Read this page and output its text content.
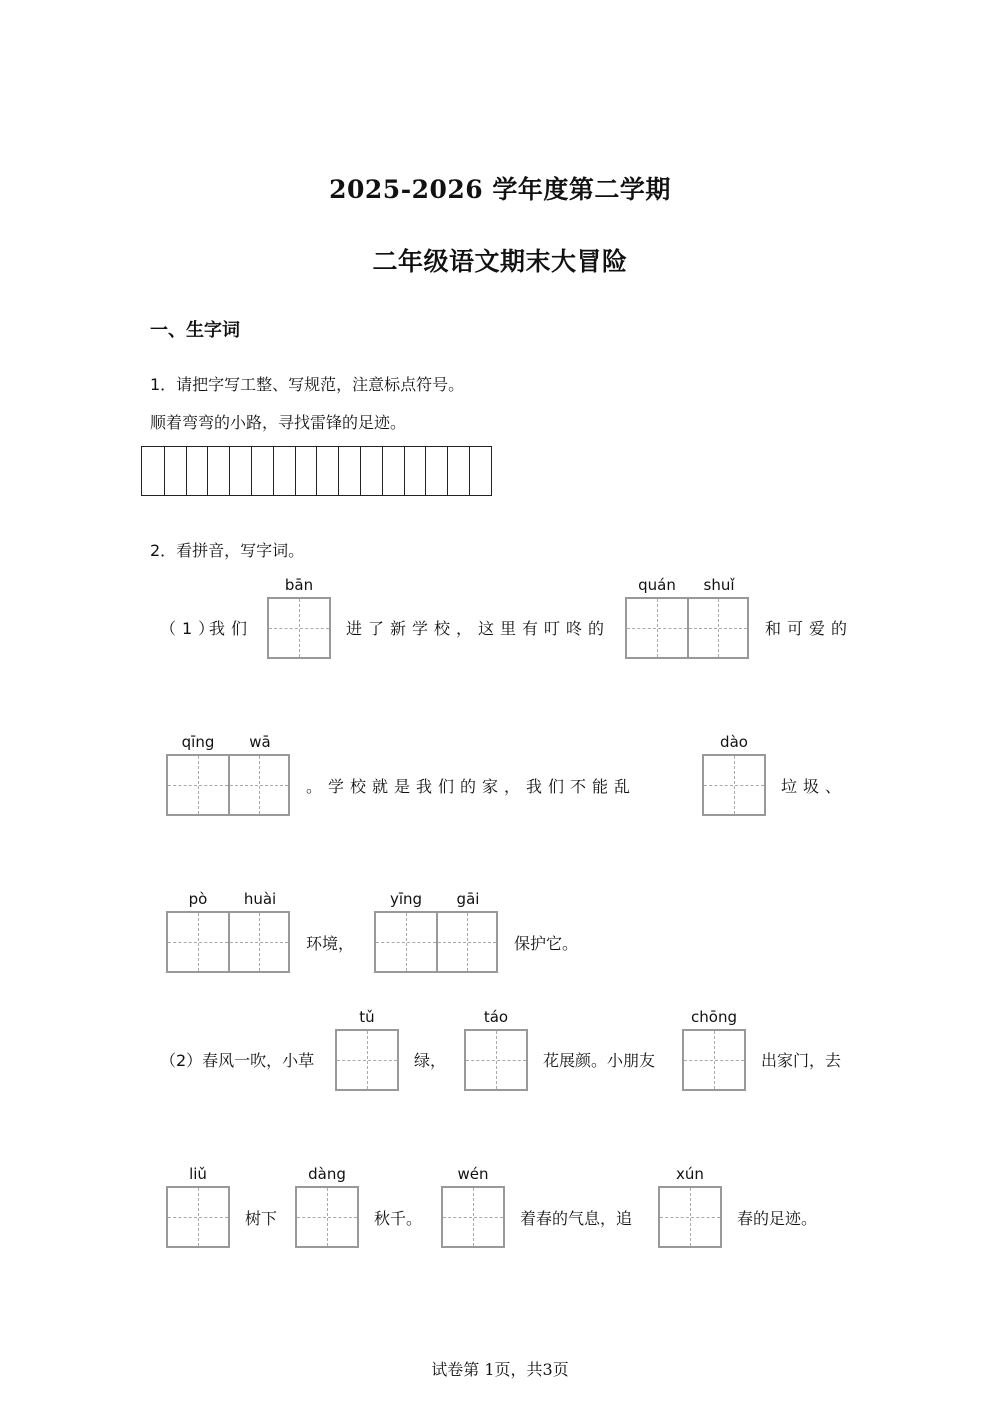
2025-2026 学年度第二学期
二年级语文期末大冒险
一、生字词
1．请把字写工整、写规范，注意标点符号。
顺着弯弯的小路，寻找雷锋的足迹。
2．看拼音，写字词。
（1）
我们
bān
进了新学校，这里有叮咚的
quán	shuǐ
和可爱的
qīng	wā
。学校就是我们的家，我们不能乱
dào
垃圾、
pò	huài
环境，
yīng	gāi
保护它。
（2）春风一吹，小草
tǔ
绿，
táo
花展颜。小朋友
chōng
出家门，去
liǔ
树下
dàng
秋千。
wén
着春的气息，追
xún
春的足迹。
试卷第 1页，共3页
